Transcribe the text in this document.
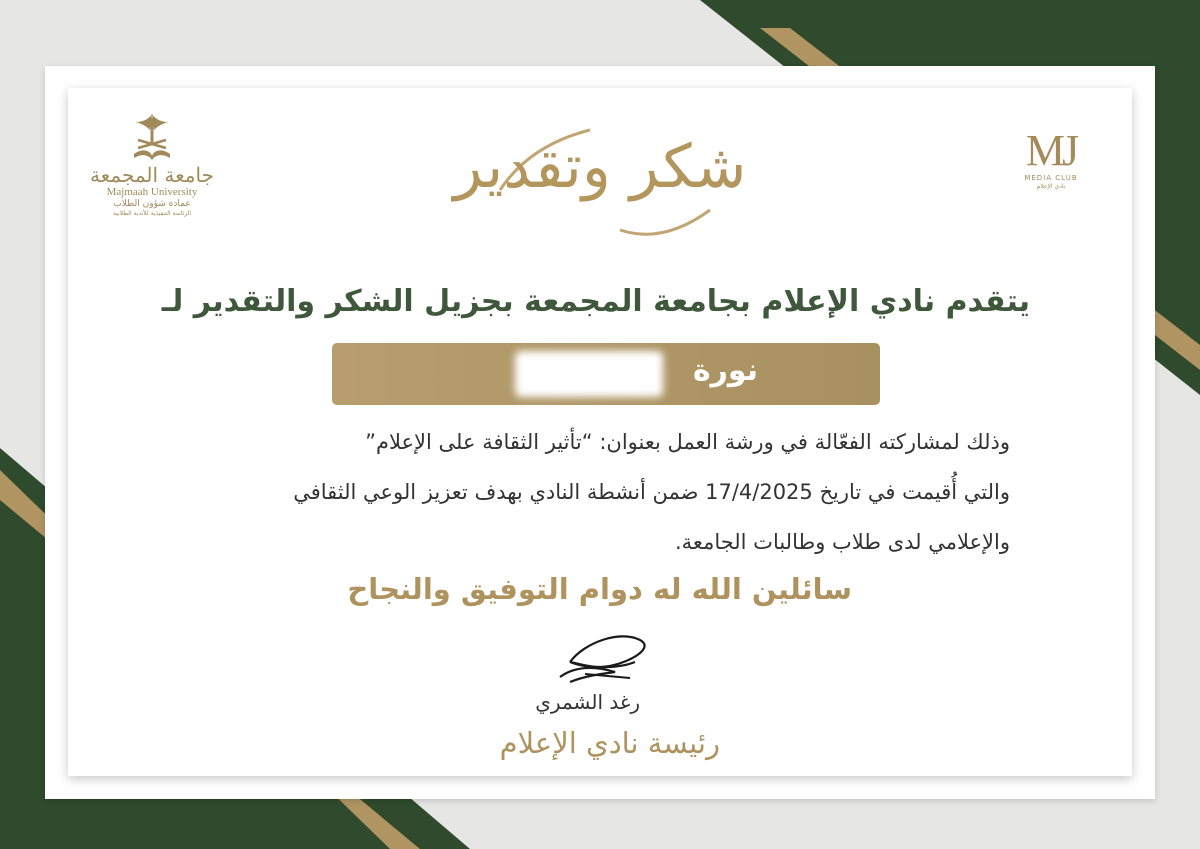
جامعة المجمعة
Majmaah University
عمادة شؤون الطلاب
الرئاسة التنفيذية للأندية الطلابية
MJ
MEDIA CLUB
نادي الإعلام
شكر وتقدير
يتقدم نادي الإعلام بجامعة المجمعة بجزيل الشكر والتقدير لـ
نورة
وذلك لمشاركته الفعّالة في ورشة العمل بعنوان: “تأثير الثقافة على الإعلام”
والتي أُقيمت في تاريخ 17/4/2025 ضمن أنشطة النادي بهدف تعزيز الوعي الثقافي
والإعلامي لدى طلاب وطالبات الجامعة.
سائلين الله له دوام التوفيق والنجاح
رغد الشمري
رئيسة نادي الإعلام
